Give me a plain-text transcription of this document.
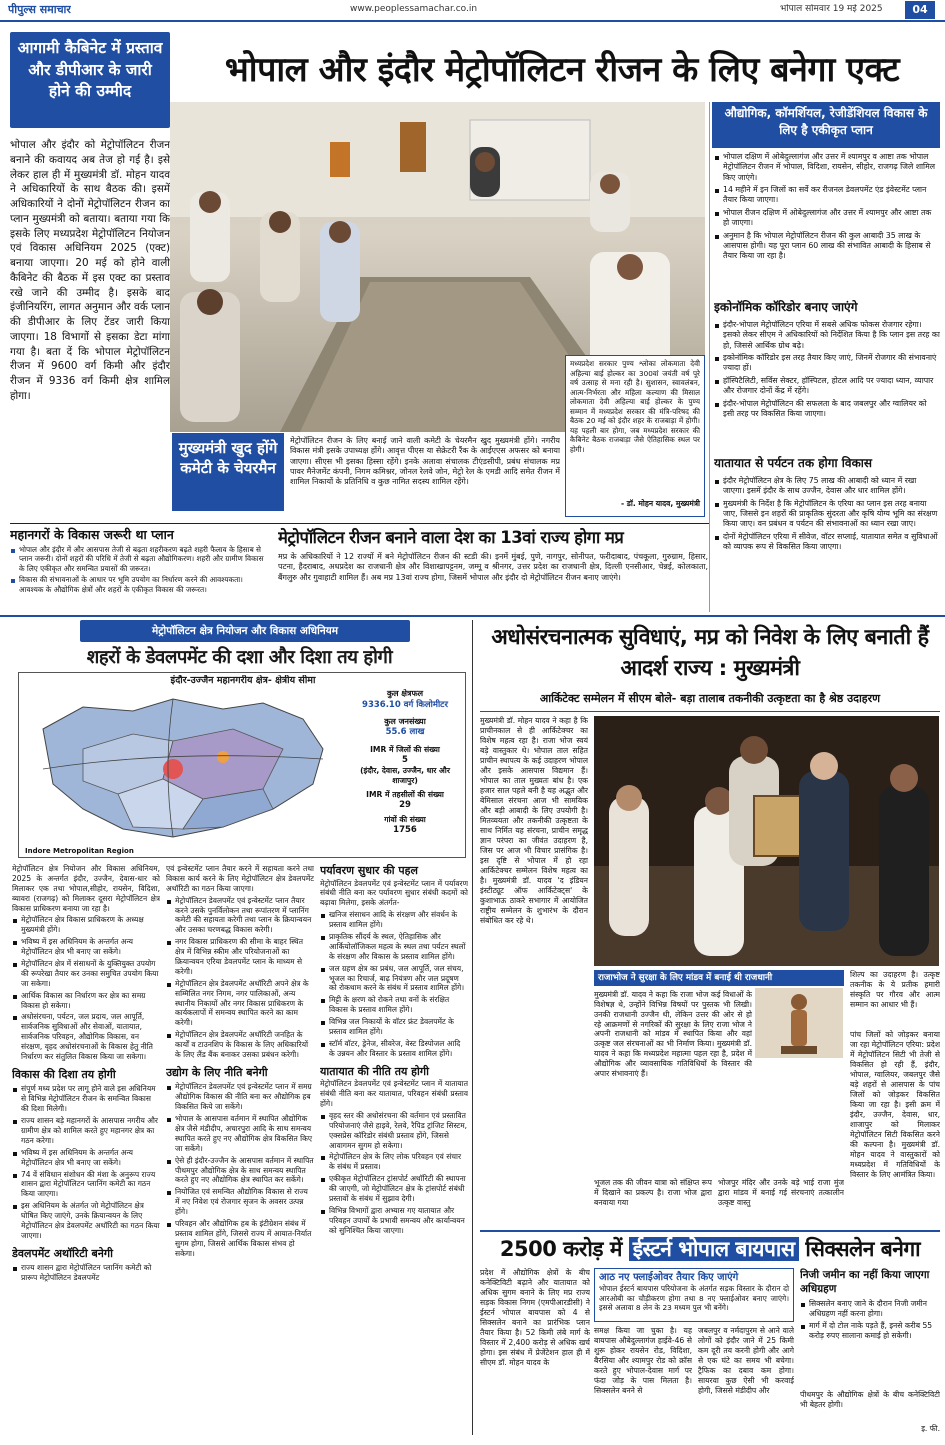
पीपुल्स समाचार	www.peoplessamachar.co.in	भोपाल सोमवार 19 मई 2025	04
आगामी कैबिनेट में प्रस्ताव और डीपीआर के जारी होने की उम्मीद
भोपाल और इंदौर मेट्रोपॉलिटन रीजन के लिए बनेगा एक्ट
भोपाल और इंदौर को मेट्रोपॉलिटन रीजन बनाने की कवायद अब तेज हो गई है। इसे लेकर हाल ही में मुख्यमंत्री डॉ. मोहन यादव ने अधिकारियों के साथ बैठक की। इसमें अधिकारियों ने दोनों मेट्रोपॉलिटन रीजन का प्लान मुख्यमंत्री को बताया। बताया गया कि इसके लिए मध्यप्रदेश मेट्रोपॉलिटन नियोजन एवं विकास अधिनियम 2025 (एक्ट) बनाया जाएगा। 20 मई को होने वाली कैबिनेट की बैठक में इस एक्ट का प्रस्ताव रखे जाने की उम्मीद है। इसके बाद इंजीनियरिंग, लागत अनुमान और वर्क प्लान की डीपीआर के लिए टेंडर जारी किया जाएगा। 18 विभागों से इसका डेटा मांगा गया है। बता दें कि भोपाल मेट्रोपॉलिटन रीजन में 9600 वर्ग किमी और इंदौर रीजन में 9336 वर्ग किमी क्षेत्र शामिल होगा।
मध्यप्रदेश सरकार पुण्य श्लोका लोकमाता देवी अहिल्या बाई होल्कर का 300वां जयंती वर्ष पूरे वर्ष उत्साह से मना रही है। सुशासन, स्वावलंबन, आत्म-निर्भरता और महिला कल्याण की मिसाल लोकमाता देवी अहिल्या बाई होल्कर के पुण्य सम्मान में मध्यप्रदेश सरकार की मंत्रि-परिषद की बैठक 20 मई को इंदौर शहर के राजबाड़ा में होगी। यह पहली बार होगा, जब मध्यप्रदेश सरकार की कैबिनेट बैठक राजबाड़ा जैसे ऐतिहासिक स्थल पर होगी।
- डॉ. मोहन यादव, मुख्यमंत्री
मुख्यमंत्री खुद होंगे कमेटी के चेयरमैन
मेट्रोपॉलिटन रीजन के लिए बनाई जाने वाली कमेटी के चेयरमैन खुद मुख्यमंत्री होंगे। नगरीय विकास मंत्री इसके उपाध्यक्ष होंगे। आवृत्त पीएस या सेक्रेटरी रैंक के आईएएस अफसर को बनाया जाएगा। सीएस भी इसका हिस्सा रहेंगे। इनके अलावा संचालक टीएंडसीपी, प्रबंध संचालक मप्र पावर मैनेजमेंट कंपनी, निगम कमिश्नर, जोनल रेलवे जोन, मेट्रो रेल के एमडी आदि समेत रीजन में शामिल निकायों के प्रतिनिधि व कुछ नामित सदस्य शामिल रहेंगे।
महानगरों के विकास जरूरी था प्लान
भोपाल और इंदौर में और आसपास तेजी से बढ़ता शहरीकरण बढ़ते शहरी फैलाव के हिसाब से प्लान जरूरी। दोनों शहरों की परिधि में तेजी से बढ़ता औद्योगिकरण। शहरी और ग्रामीण विकास के लिए एकीकृत और समन्वित प्रयासों की जरूरत।
विकास की संभावनाओं के आधार पर भूमि उपयोग का निर्धारण करने की आवश्यकता। आवश्यक के औद्योगिक क्षेत्रों और शहरों के एकीकृत विकास की जरूरत।
मेट्रोपॉलिटन रीजन बनाने वाला देश का 13वां राज्य होगा मप्र
मप्र के अधिकारियों ने 12 राज्यों में बने मेट्रोपॉलिटन रीजन की स्टडी की। इनमें मुंबई, पुणे, नागपुर, सोनीपत, फरीदाबाद, पंचकूला, गुरुग्राम, हिसार, पटना, हैदराबाद, अधप्रदेश का राजधानी क्षेत्र और विशाखापट्टनम, जम्मू व श्रीनगर, उत्तर प्रदेश का राजधानी क्षेत्र, दिल्ली एनसीआर, चेन्नई, कोलकाता, बैंगलुरु और गुवाहाटी शामिल हैं। अब मप्र 13वां राज्य होगा, जिसमें भोपाल और इंदौर दो मेट्रोपॉलिटन रीजन बनाए जाएंगे।
औद्योगिक, कॉमर्शियल, रेजीडेंशियल विकास के लिए है एकीकृत प्लान
भोपाल दक्षिण में ओबेदुल्लागंज और उत्तर में श्यामपुर व आष्टा तक भोपाल मेट्रोपॉलिटन रीजन में भोपाल, विदिशा, रायसेन, सीहोर, राजगढ़ जिले शामिल किए जाएंगे।
14 महीने में इन जिलों का सर्वे कर रीजनल डेवलपमेंट एंड इंवेस्टमेंट प्लान तैयार किया जाएगा।
भोपाल रीजन दक्षिण में ओबेदुल्लागंज और उत्तर में श्यामपुर और आष्टा तक हो जाएगा।
अनुमान है कि भोपाल मेट्रोपॉलिटन रीजन की कुल आबादी 35 लाख के आसपास होगी। यह पूरा प्लान 60 लाख की संभावित आबादी के हिसाब से तैयार किया जा रहा है।
इकोनॉमिक कॉरिडोर बनाए जाएंगे
इंदौर-भोपाल मेट्रोपॉलिटन एरिया में सबसे अधिक फोकस रोजगार रहेगा। इसको लेकर सीएम ने अधिकारियों को निर्देशित किया है कि प्लान इस तरह का हो, जिससे आर्थिक ग्रोथ बढ़े।
इकोनॉमिक कॉरिडोर इस तरह तैयार किए जाएं, जिनमें रोजगार की संभावनाएं ज्यादा हों।
हॉस्पिटैलिटी, सर्विस सेक्टर, हॉस्पिटल, होटल आदि पर ज्यादा ध्यान, व्यापार और रोजगार दोनों केंद्र में रहेंगे।
इंदौर-भोपाल मेट्रोपॉलिटन की सफलता के बाद जबलपुर और ग्वालियर को इसी तरह पर विकसित किया जाएगा।
यातायात से पर्यटन तक होगा विकास
इंदौर मेट्रोपॉलिटन क्षेत्र के लिए 75 लाख की आबादी को ध्यान में रखा जाएगा। इसमें इंदौर के साथ उज्जैन, देवास और धार शामिल होंगे।
मुख्यमंत्री के निर्देश है कि मेट्रोपॉलिटन के एरिया का प्लान इस तरह बनाया जाए, जिससे इन शहरों की प्राकृतिक सुंदरता और कृषि योग्य भूमि का संरक्षण किया जाए। वन प्रबंधन व पर्यटन की संभावनाओं का ध्यान रखा जाए।
दोनों मेट्रोपॉलिटन एरिया में सीवेज, वॉटर सप्लाई, यातायात समेत व सुविधाओं को व्यापक रूप से विकसित किया जाएगा।
मेट्रोपॉलिटन क्षेत्र नियोजन और विकास अधिनियम
शहरों के डेवलपमेंट की दशा और दिशा तय होगी
इंदौर-उज्जैन महानगरीय क्षेत्र- क्षेत्रीय सीमा
Indore Metropolitan Region
कुल क्षेत्रफल
9336.10 वर्ग किलोमीटर
कुल जनसंख्या
55.6 लाख
IMR में जिलों की संख्या
5
(इंदौर, देवास, उज्जैन, धार और शाजापुर)
IMR में तहसीलों की संख्या
29
गांवों की संख्या
1756
मेट्रोपॉलिटन क्षेत्र नियोजन और विकास अधिनियम, 2025 के अन्तर्गत इंदौर, उज्जैन, देवास-धार को मिलाकर एक तथा भोपाल,सीहोर, रायसेन, विदिशा, ब्यावरा (राजगढ़) को मिलाकर दूसरा मेट्रोपॉलिटन क्षेत्र विकास प्राधिकरण बनाया जा रहा है।
मेट्रोपॉलिटन क्षेत्र विकास प्राधिकरण के अध्यक्ष मुख्यमंत्री होंगे।
भविष्य में इस अधिनियम के अन्तर्गत अन्य मेट्रोपॉलिटन क्षेत्र भी बनाए जा सकेंगे।
मेट्रोपॉलिटन क्षेत्र में संसाधनों के युक्तियुक्त उपयोग की रूपरेखा तैयार कर उनका समुचित उपयोग किया जा सकेगा।
आर्थिक विकास का निर्धारण कर क्षेत्र का समग्र विकास हो सकेगा।
अधोसंरचना, पर्यटन, जल प्रदाय, जल आपूर्ति, सार्वजनिक सुविधाओं और सेवाओं, यातायात, सार्वजनिक परिवहन, औद्योगिक विकास, वन संरक्षण, वृहद अधोसंरचनाओं के विकास हेतु नीति निर्धारण कर संतुलित विकास किया जा सकेगा।
विकास की दिशा तय होगी
संपूर्ण मध्य प्रदेश पर लागू होने वाले इस अधिनियम से विभिन्न मेट्रोपॉलिटन रीजन के समन्वित विकास की दिशा मिलेगी।
राज्य शासन बड़े महानगरों के आसपास नगरीय और ग्रामीण क्षेत्र को शामिल करते हुए महानगर क्षेत्र का गठन करेगा।
भविष्य में इस अधिनियम के अन्तर्गत अन्य मेट्रोपॉलिटन क्षेत्र भी बनाए जा सकेंगे।
74 वें संविधान संशोधन की मंशा के अनुरूप राज्य शासन द्वारा मेट्रोपॉलिटन प्लानिंग कमेटी का गठन किया जाएगा।
इस अधिनियम के अंतर्गत जो मेट्रोपॉलिटन क्षेत्र घोषित किए जाएंगे, उनके क्रियान्वयन के लिए मेट्रोपॉलिटन क्षेत्र डेवलपमेंट अथॉरिटी का गठन किया जाएगा।
डेवलपमेंट अथॉरिटी बनेगी
राज्य शासन द्वारा मेट्रोपॉलिटन प्लानिंग कमेटी को प्रारूप मेट्रोपॉलिटन डेवलपमेंट
एवं इन्वेस्टमेंट प्लान तैयार करने में सहायता करने तथा विकास कार्य करने के लिए मेट्रोपॉलिटन क्षेत्र डेवलपमेंट अथॉरिटी का गठन किया जाएगा।
मेट्रोपॉलिटन डेवलपमेंट एवं इन्वेस्टमेंट प्लान तैयार करने उसके पुनर्विलोकन तथा रूपांतरण में प्लानिंग कमेटी की सहायता करेगी तथा प्लान के क्रियान्वयन और उसका चरणबद्ध विकास करेगी।
नगर विकास प्राधिकरण की सीमा के बाहर स्थित क्षेत्र में विभिन्न स्कीम और परियोजनाओं का क्रियान्वयन एरिया डेवलपमेंट प्लान के माध्यम से करेगी।
मेट्रोपॉलिटन क्षेत्र डेवलपमेंट अथॉरिटी अपने क्षेत्र के सम्मिलित नगर निगम, नगर पालिकाओं, अन्य स्थानीय निकायों और नगर विकास प्राधिकरण के कार्यकलापों में समन्वय स्थापित करने का काम करेगी।
मेट्रोपॉलिटन क्षेत्र डेवलपमेंट अथॉरिटी जनहित के कार्यों व टाउनशिप के विकास के लिए अधिकारियों के लिए लैंड बैंक बनाकर उसका प्रबंधन करेगी।
उद्योग के लिए नीति बनेगी
मेट्रोपॉलिटन डेवलपमेंट एवं इन्वेस्टमेंट प्लान में समग्र औद्योगिक विकास की नीति बना कर औद्योगिक हब विकसित किये जा सकेंगे।
भोपाल के आसपास वर्तमान में स्थापित औद्योगिक क्षेत्र जैसे मंडीदीप, अचारपुरा आदि के साथ समन्वय स्थापित करते हुए नए औद्योगिक क्षेत्र विकसित किए जा सकेंगे।
ऐसे ही इंदौर-उज्जैन के आसपास वर्तमान में स्थापित पीथमपुर औद्योगिक क्षेत्र के साथ समन्वय स्थापित करते हुए नए औद्योगिक क्षेत्र स्थापित कर सकेंगे।
नियोजित एवं समन्वित औद्योगिक विकास से राज्य में नए निवेश एवं रोजगार सृजन के अवसर उत्पन्न होंगे।
परिवहन और औद्योगिक हब के इंटीग्रेशन संबंध में प्रस्ताव शामिल होंगे, जिससे राज्य में आयात-निर्यात सुगम होगा, जिससे आर्थिक विकास संभव हो सकेगा।
पर्यावरण सुधार की पहल
मेट्रोपॉलिटन डेवलपमेंट एवं इन्वेस्टमेंट प्लान में पर्यावरण संबंधी नीति बना कर पर्यावरण सुधार संबंधी कदमों को बढ़ावा मिलेगा, इसके अंतर्गत-
खनिज संसाधन आदि के संरक्षण और संवर्धन के प्रस्ताव शामिल होंगे।
प्राकृतिक सौंदर्य के स्थल, ऐतिहासिक और आर्कियोलॉजिकल महत्व के स्थल तथा पर्यटन स्थलों के संरक्षण और विकास के प्रस्ताव शामिल होंगे।
जल ग्रहण क्षेत्र का प्रबंध, जल आपूर्ति, जल संचय, भूजल का रिचार्ज, बाढ़ नियंत्रण और जल प्रदूषण को रोकथाम करने के संबंध में प्रस्ताव शामिल होंगे।
मिट्टी के क्षरण को रोकने तथा वनों के संरक्षित विकास के प्रस्ताव शामिल होंगे।
विभिन्न जल निकायों के वॉटर फ्रंट डेवलपमेंट के प्रस्ताव शामिल होंगे।
स्टॉर्म वॉटर, ड्रेनेज, सीवरेज, वेस्ट डिस्पोजल आदि के उन्नयन और विस्तार के प्रस्ताव शामिल होंगे।
यातायात की नीति तय होगी
मेट्रोपॉलिटन डेवलपमेंट एवं इन्वेस्टमेंट प्लान में यातायात संबंधी नीति बना कर यातायात, परिवहन संबंधी प्रस्ताव होंगे।
वृहद स्तर की अधोसंरचना की वर्तमान एवं प्रस्तावित परियोजनाएं जैसे हाइवे, रेलवे, रैपिड ट्रांजिट सिस्टम, एक्सप्रेस कॉरिडोर संबंधी प्रस्ताव होंगे, जिससे आवागमन सुगम हो सकेगा।
मेट्रोपॉलिटन क्षेत्र के लिए लोक परिवहन एवं संचार के संबंध में प्रस्ताव।
एकीकृत मेट्रोपॉलिटन ट्रांसपोर्ट अथॉरिटी की स्थापना की जाएगी, जो मेट्रोपॉलिटन क्षेत्र के ट्रांसपोर्ट संबंधी प्रस्तावों के संबंध में सुझाव देगी।
विभिन्न विभागों द्वारा अभ्यास गए यातायात और परिवहन उपायों के प्रभावी समन्वय और कार्यान्वयन को सुनिश्चित किया जाएगा।
अधोसंरचनात्मक सुविधाएं, मप्र को निवेश के लिए बनाती हैं आदर्श राज्य : मुख्यमंत्री
आर्किटेक्ट सम्मेलन में सीएम बोले- बड़ा तालाब तकनीकी उत्कृष्टता का है श्रेष्ठ उदाहरण
मुख्यमंत्री डॉ. मोहन यादव ने कहा है कि प्राचीनकाल से ही आर्किटेक्चर का विशेष महत्व रहा है। राजा भोज स्वयं बड़े वास्तुकार थे। भोपाल ताल सहित प्राचीन स्थापत्य के कई उदाहरण भोपाल और इसके आसपास विद्यमान हैं। भोपाल का ताल मुख्यतः बांध है। एक हजार साल पहले बनी है यह अद्भुत और बेमिसाल संरचना आज भी सामयिक और बड़ी आबादी के लिए उपयोगी है। मितव्ययता और तकनीकी उत्कृष्टता के साथ निर्मित यह संरचना, प्राचीन समृद्ध ज्ञान परंपरा का जीवंत उदाहरण है, जिस पर आज भी विचार प्रासंगिक है। इस दृष्टि से भोपाल में हो रहा आर्किटेक्चर सम्मेलन विशेष महत्व का है। मुख्यमंत्री डॉ. यादव 'द इंडियन इंस्टीट्यूट ऑफ आर्किटेक्ट्स' के कुशाभाऊ ठाकरे सभागार में आयोजित राष्ट्रीय सम्मेलन के शुभारंभ के दौरान संबोधित कर रहे थे।
राजाभोज ने सुरक्षा के लिए मांडव में बनाई थी राजधानी
मुख्यमंत्री डॉ. यादव ने कहा कि राजा भोज कई विधाओं के विशेषज्ञ थे, उन्होंने विभिन्न विषयों पर पुस्तक भी लिखी। उनकी राजधानी उज्जैन थी, लेकिन उत्तर की ओर से हो रहे आक्रमणों से नगरिकों की सुरक्षा के लिए राजा भोज ने अपनी राजधानी को मांडव में स्थापित किया और वहां उत्कृष्ट जल संरचनाओं का भी निर्माण किया। मुख्यमंत्री डॉ. यादव ने कहा कि मध्यप्रदेश महात्मा पहल रहा है, प्रदेश में औद्योगिक और व्यावसायिक गतिविधियों के विस्तार की अपार संभावनाएं हैं।
शिल्प का उदाहरण है। उत्कृष्ट तकनीक के ये प्रतीक हमारी संस्कृति पर गौरव और आत्म सम्मान का आधार भी हैं।
पांच जिलों को जोड़कर बनाया जा रहा मेट्रोपॉलिटन एरिया: प्रदेश में मेट्रोपॉलिटन सिटी भी तेजी से विकसित हो रही हैं, इंदौर, भोपाल, ग्वालियर, जबलपुर जैसे बड़े शहरों से आसपास के पांच जिलों को जोड़कर विकसित किया जा रहा है। इसी क्रम में इंदौर, उज्जैन, देवास, धार, शाजापुर को मिलाकर मेट्रोपॉलिटन सिटी विकसित करने की कल्पना है। मुख्यमंत्री डॉ. मोहन यादव ने वास्तुकारों को मध्यप्रदेश में गतिविधियों के विस्तार के लिए आमंत्रित किया।
भूजल तक की जीवन यात्रा को संक्षिप्त रूप में दिखाने का प्रकल्प है। राजा भोज द्वारा बनवाया गया
भोजपुर मंदिर और उनके बड़े भाई राजा मुंज द्वारा मांडव में बनाई गई संरचनाएं तत्कालीन उत्कृष्ट वास्तु
2500 करोड़ में ईस्टर्न भोपाल बायपास सिक्सलेन बनेगा
प्रदेश में औद्योगिक क्षेत्रों के बीच कनेक्टिविटी बढ़ाने और यातायात को अधिक सुगम बनाने के लिए मप्र राज्य सड़क विकास निगम (एमपीआरडीसी) ने ईस्टर्न भोपाल बायपास को 4 से सिक्सलेन बनाने का प्रारंभिक प्लान तैयार किया है। 52 किमी लंबे मार्ग के विस्तार में 2,400 करोड़ से अधिक खर्च होगा। इस संबंध में प्रेजेंटेशन हाल ही में सीएम डॉ. मोहन यादव के
आठ नए फ्लाईओवर तैयार किए जाएंगे
भोपाल ईस्टर्न बायपास परियोजना के अंतर्गत सड़क विस्तार के दौरान दो आरओबी का चौड़ीकरण होगा तथा 8 नए फ्लाईओवर बनाए जाएंगे। इससे अलावा 8 लेन के 23 मध्यम पुल भी बनेंगे।
समक्ष किया जा चुका है। यह बायपास औबेदुल्लागंज हाईवे-46 से शुरू होकर रायसेन रोड, विदिशा, बैरसिया और श्यामपुर रोड को क्रॉस करते हुए भोपाल-देवास मार्ग पर फंदा जोड़ के पास मिलता है। सिक्सलेन बनने से
जबलपुर व नर्मदापुरम से आने वाले लोगों को इंदौर जाने में 25 किमी कम दूरी तय करनी होगी और आगे से एक घंटे का समय भी बचेगा। ट्रैफिक का दबाव कम होगा। सायरवा कुछ ऐसी भी करवाई होगी, जिससे मंडीदीप और
निजी जमीन का नहीं किया जाएगा अधिग्रहण
सिक्सलेन बनाए जाने के दौरान निजी जमीन अधिग्रहण नहीं करना होगा।
मार्ग में दो टोल नाके पड़ते हैं, इनसे करीब 55 करोड़ रुपए सालाना कमाई हो सकेगी।
पीथमपुर के औद्योगिक क्षेत्रों के बीच कनेक्टिविटी भी बेहतर होगी।
इ. फी.
